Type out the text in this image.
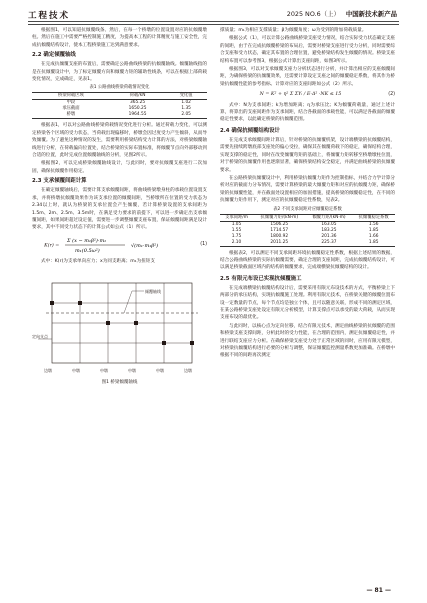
工程技术	2025 NO.6（上） 中国新技术新产品

根据图1，可以知道抗倾覆线条、然后，在每一个桥墩的位置设置对应的抗倾覆墩柱。然后在施工中需要严格控制施工精度，为提高本工程的计算精度与施工安全性，完成抗倾覆结构设计，使本工程桥梁施工达到满意要求。

2.2 确定倾覆轴线

在完成抗倾覆支座的布置后，需要确定公路曲线桥梁的抗倾覆轴线。倾覆轴线指的是在抗倾覆设计中，为了标定倾覆方向和倾覆力矩的辅助性线条，可以在根据上部荷载变化情况，完成确定，见表1。

表1 公路曲线桥梁荷载情况变化
桥梁荷载区域	荷载/kN	变化值
中段	365.25	1.02
承压截面	1650.25	1.35
桥墩	1964.55	2.05

根据表1，可以对公路曲线桥梁荷载情况变化进行分析。通过荷载力变化，可以测定桥梁各个区域的受力状态，当荷载出现偏移时，桥墩会因过度受力产生倾斜，从而导致倾覆。为了避免这种情况的发生，需要利用桥梁结构受力计算的方法，对桥梁倾覆轴线进行分析，在荷载偏向位置处，结合桥梁的实际布置标准，将倾覆节点向外部移动到合适的位置，此时完成位置倾覆轴线的分析，见图2所示。

根据图2，可以完成桥梁倾覆轴线设计，与此同时，要对抗倾覆支座进行二次加固，确保抗倾覆作用稳定。

2.3 支承倾覆间距计算

在确定倾覆轴线后，需要计算支承倾覆间距，将曲线桥梁墩身柱的承载位置设置支承，并将桥墩抗倾覆效果作为该支承位置的倾覆间距，当桥墩所在位置的受力状态为2.34以上时，就认为桥梁的支承位置会产生倾覆，若计算桥梁设置的支承间距为1.5m、2m、2.5m、3.5m时，在满足受力要求的前提下，可以进一步确定出支承倾覆间距，如果间距超过设定值，需要进一步调整倾覆支座布置，保证倾覆间距满足设计要求，其中不同受力状态下的计算公式如公式（1）所示。

K(r) =
Σ (x − m₁β²)·m₁
m₁(0.5ω²)
√(m₁·m₁β²)	(1)

式中：K(r)为支承单向应力；x为同支距离；m₁为扭矩支

倾覆轴线
定向支点
边墩	中墩	中墩	中墩	中墩	边墩
图1 桥梁倾覆轴线

撑质量；m₁为相应支撑质量；β为倾覆角度；ω为受到的附加荷载质量。

根据公式（1），可以计算公路曲线桥梁支座受力情况，结合实际受力状态确定支座的间距，由于在完成抗倾覆桥梁的布局后，需要对桥梁支座进行受力分析，同时需要综合支座和受力状态，确定其布置的合理位置，避免桥梁结构发生倾覆的情况。桥梁支座结构布置可以参考图3，根据公式计算出支座间距，如图3所示。

根据图3，可以对支承倾覆支座力分析状态进行分析，并计算出相应的支座倾覆间距，为确保桥梁的抗倾覆效果，还需要计算设定支座之间的倾覆稳定系数，将其作为桥梁抗倾覆性能的参考指标。计算对应的支座间距如公式（2）所示。

N = K² + η² Σ ΣYᵢ / E·Δ² ·NK ≤ 15	(2)

式中：N为支承间距；k为增加距离；η为承压比；K为倾覆荷载量，通过上述计算，将算出的支座间距作为支承间距，结合各截面的承载性能，可以满足各截面的倾覆稳定性要求，以此确定桥梁的抗倾覆范围。

2.4 确保抗倾覆结构设计

在完成支承倾覆间距计算后，针对桥梁的抗倾覆机架，设计端横梁的抗倾覆结构，需要先接续跨墩底部支座处的偏心受拉，确保其在倾覆荷载下的稳定，确保结构合理，实现支撑的稳定性，同时在改变倾覆弯矩的基础上，将倾覆力矩转移至桥墩墩柱位置，对于桥梁的抗倾覆作用也逐渐显著，确保桥梁结构安全稳定，并满足曲线桥梁的抗倾覆要求。

在公路桥梁抗倾覆设计中，利用桥梁抗倾覆力矩作为控制指标，并结合力学计算分析对应的截面力分布情况，需要计算桥梁的最大倾覆力矩和对应的抗倾覆力矩，确保桥梁的抗倾覆性能，并在截面处设置相应的加固措施，提高桥梁的倾覆稳定性，在不同的抗倾覆力矩作用下，测定对应的抗倾覆稳定性系数，见表2。

表2 不同支承间距对应倾覆稳定系数
支承间距/m	抗倾覆力矩/(kN·m)	倾覆力矩/(kN·m)	抗倾覆稳定系数
1.05	1506.25	163.05	1.56
1.55	1714.57	183.25	1.85
1.75	1800.92	201.36	1.66
2.10	2011.25	225.37	1.85

根据表2，可以测定不同支承间距环境抗倾覆稳定性系数，根据上述结果的数据，结合公路曲线桥梁的实际抗倾覆需要，确定合理的支座间距，完成抗倾覆结构设计，可以满足桥梁截面区域内的结构的倾覆要求，完成端横梁抗倾覆结构的设计。

2.5 有限元布设已实现抗倾覆施工

在完成端横梁抗倾覆结构设计后，需要采用有限元布设技术的方式，平衡桥梁上下两部分的承压结构，实现抗倾覆施工处理。利用有限元技术，在桥梁关键的倾覆位置布设一定数量的节点，每个节点均是独立个体，且可以随意关联，形成不同的测定区域，在某公路桥梁支座处设定有限元分析模型，计算支撑点可以承受的最大荷载，从而实现支座布设的最优化。

与此同时，以核心点为定向位移，结合有限元技术，测定曲线桥梁的抗倾覆的范围和桥梁支座支撑间距，分析此时的受力性能，在合理的范围内，测定抗倾覆稳定性，并进行联结支座应力分析。在确保桥梁支座受力处于正常区域的同时，应用有限元模型，对桥梁抗倾覆结构进行必要的分析与调整，保证倾覆监控测量系数更加准确。在桥墩中根据不同的间距再次测定

— 81 —
